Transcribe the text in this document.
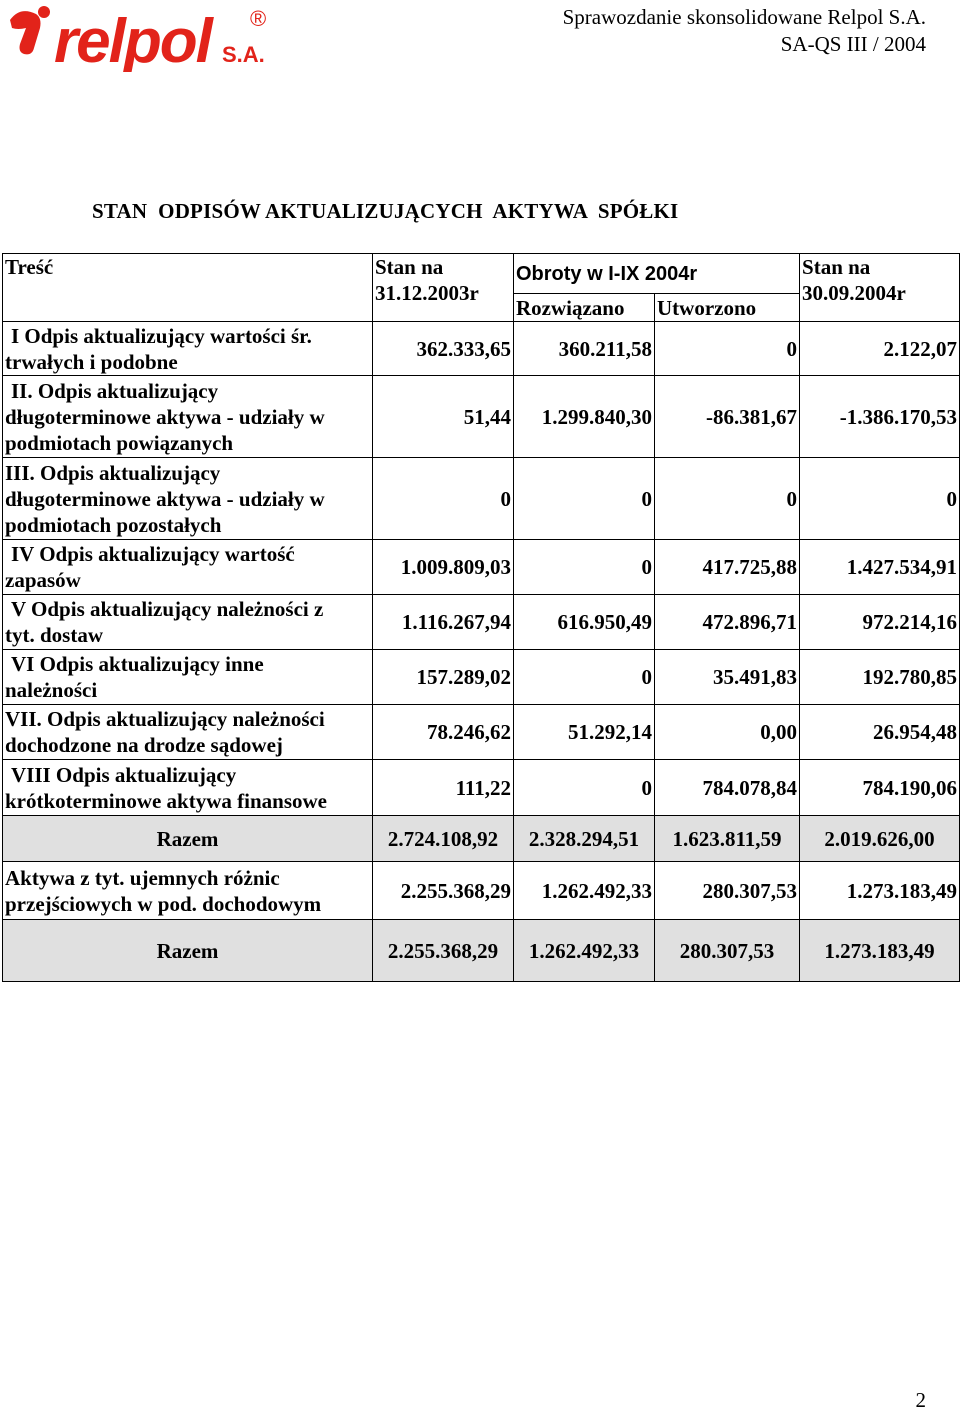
relpol S.A.
®	Sprawozdanie skonsolidowane Relpol S.A.
SA-QS III / 2004
STAN  ODPISÓW AKTUALIZUJĄCYCH  AKTYWA  SPÓŁKI
Treść	Stan na 31.12.2003r	Obroty w I-IX 2004r		Stan na 30.09.2004r
		Rozwiązano	Utworzono	

I Odpis aktualizujący wartości śr.
trwałych i podobne	362.333,65	360.211,58	0	2.122,07

II. Odpis aktualizujący
długoterminowe aktywa - udziały w
podmiotach powiązanych	51,44	1.299.840,30	-86.381,67	-1.386.170,53

III. Odpis aktualizujący
długoterminowe aktywa - udziały w
podmiotach pozostałych	0	0	0	0

IV Odpis aktualizujący wartość
zapasów	1.009.809,03	0	417.725,88	1.427.534,91

V Odpis aktualizujący należności z
tyt. dostaw	1.116.267,94	616.950,49	472.896,71	972.214,16

VI Odpis aktualizujący inne
należności	157.289,02	0	35.491,83	192.780,85

VII. Odpis aktualizujący należności
dochodzone na drodze sądowej	78.246,62	51.292,14	0,00	26.954,48

VIII Odpis aktualizujący
krótkoterminowe aktywa finansowe	111,22	0	784.078,84	784.190,06
Razem	2.724.108,92	2.328.294,51	1.623.811,59	2.019.626,00

Aktywa z tyt. ujemnych różnic
przejściowych w pod. dochodowym	2.255.368,29	1.262.492,33	280.307,53	1.273.183,49
Razem	2.255.368,29	1.262.492,33	280.307,53	1.273.183,49
2
